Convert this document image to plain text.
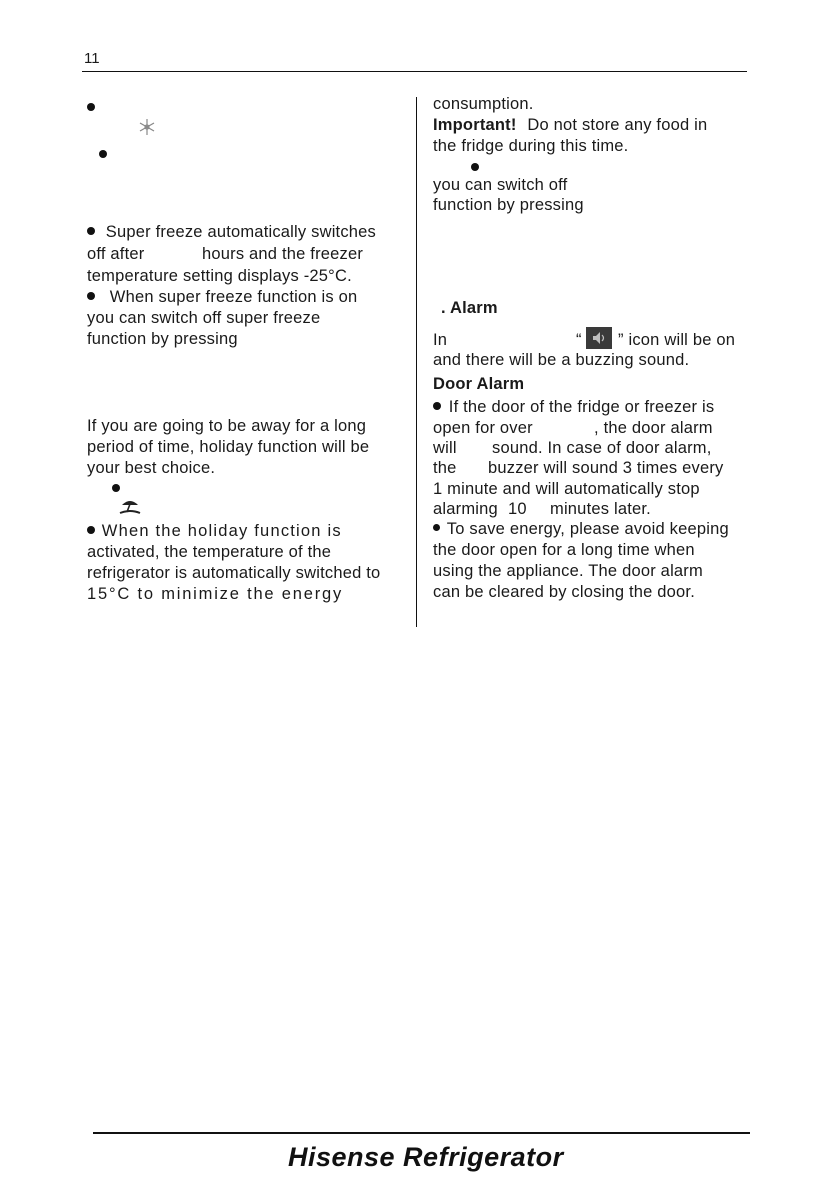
11

Super freeze automatically switches
off after	hours and the freezer
temperature setting displays -25°C.
When super freeze function is on
you can switch off super freeze
function by pressing
If you are going to be away for a long
period of time, holiday function will be
your best choice.

When the holiday function is
activated, the temperature of the
refrigerator is automatically switched to
15°C to minimize the energy
consumption.
Important! Do not store any food in
the fridge during this time.
you can switch off
function by pressing
. Alarm
In	“ ” icon will be on
and there will be a buzzing sound.
Door Alarm
If the door of the fridge or freezer is
open for over	, the door alarm
will sound. In case of door alarm,
the buzzer will sound 3 times every
1 minute and will automatically stop
alarming 10 minutes later.
To save energy, please avoid keeping
the door open for a long time when
using the appliance. The door alarm
can be cleared by closing the door.
Hisense Refrigerator
